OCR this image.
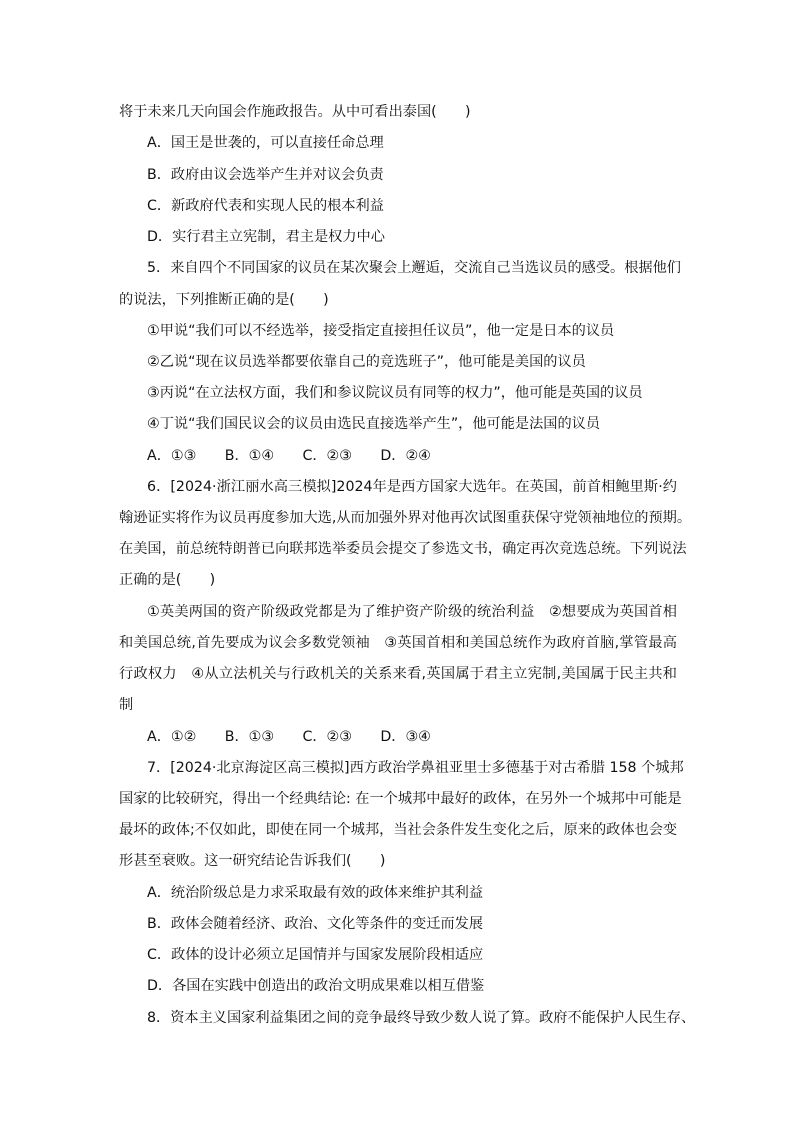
将于未来几天向国会作施政报告。从中可看出泰国(　　)
A．国王是世袭的，可以直接任命总理
B．政府由议会选举产生并对议会负责
C．新政府代表和实现人民的根本利益
D．实行君主立宪制，君主是权力中心
5．来自四个不同国家的议员在某次聚会上邂逅，交流自己当选议员的感受。根据他们
的说法，下列推断正确的是(　　)
①甲说“我们可以不经选举，接受指定直接担任议员”，他一定是日本的议员
②乙说“现在议员选举都要依靠自己的竞选班子”，他可能是美国的议员
③丙说“在立法权方面，我们和参议院议员有同等的权力”，他可能是英国的议员
④丁说“我们国民议会的议员由选民直接选举产生”，他可能是法国的议员
A．①③　　B．①④　　C．②③　　D．②④
6．[2024·浙江丽水高三模拟]2024年是西方国家大选年。在英国，前首相鲍里斯·约
翰逊证实将作为议员再度参加大选,从而加强外界对他再次试图重获保守党领袖地位的预期。
在美国，前总统特朗普已向联邦选举委员会提交了参选文书，确定再次竞选总统。下列说法
正确的是(　　)
①英美两国的资产阶级政党都是为了维护资产阶级的统治利益　②想要成为英国首相
和美国总统,首先要成为议会多数党领袖　③英国首相和美国总统作为政府首脑,掌管最高
行政权力　④从立法机关与行政机关的关系来看,英国属于君主立宪制,美国属于民主共和
制
A．①②　　B．①③　　C．②③　　D．③④
7．[2024·北京海淀区高三模拟]西方政治学鼻祖亚里士多德基于对古希腊 158 个城邦
国家的比较研究，得出一个经典结论: 在一个城邦中最好的政体，在另外一个城邦中可能是
最坏的政体;不仅如此，即使在同一个城邦，当社会条件发生变化之后，原来的政体也会变
形甚至衰败。这一研究结论告诉我们(　　)
A．统治阶级总是力求采取最有效的政体来维护其利益
B．政体会随着经济、政治、文化等条件的变迁而发展
C．政体的设计必须立足国情并与国家发展阶段相适应
D．各国在实践中创造出的政治文明成果难以相互借鉴
8．资本主义国家利益集团之间的竞争最终导致少数人说了算。政府不能保护人民生存、
